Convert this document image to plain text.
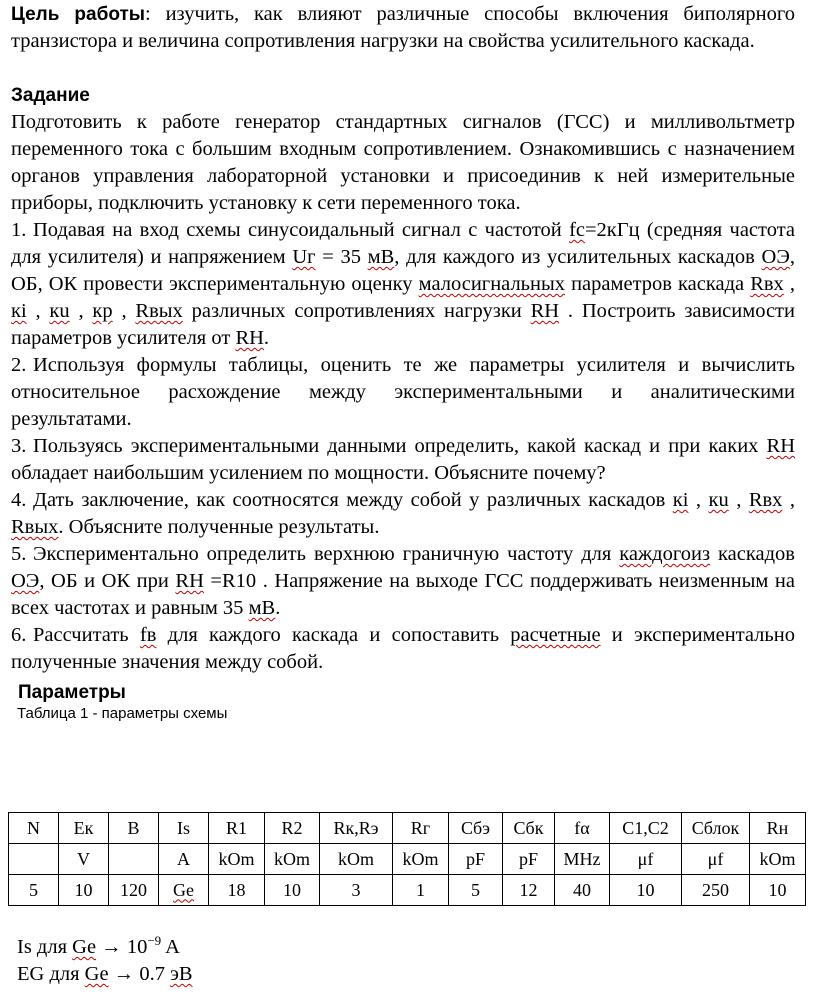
Цель работы: изучить, как влияют различные способы включения биполярного транзистора и величина сопротивления нагрузки на свойства усилительного каскада.

Задание

Подготовить к работе генератор стандартных сигналов (ГСС) и милливольтметр переменного тока с большим входным сопротивлением. Ознакомившись с назначением органов управления лабораторной установки и присоединив к ней измерительные приборы, подключить установку к сети переменного тока.

1. Подавая на вход схемы синусоидальный сигнал с частотой fc=2кГц (средняя частота для усилителя) и напряжением Uг = 35 мВ, для каждого из усилительных каскадов ОЭ, ОБ, ОК провести экспериментальную оценку малосигнальных параметров каскада Rвх , кi , кu , кр , Rвых различных сопротивлениях нагрузки RН . Построить зависимости параметров усилителя от RН.

2. Используя формулы таблицы, оценить те же параметры усилителя и вычислить относительное расхождение между экспериментальными и аналитическими результатами.

3. Пользуясь экспериментальными данными определить, какой каскад и при каких RН обладает наибольшим усилением по мощности. Объясните почему?

4. Дать заключение, как соотносятся между собой у различных каскадов кi , кu , Rвх , Rвых. Объясните полученные результаты.

5. Экспериментально определить верхнюю граничную частоту для каждогоиз каскадов ОЭ, ОБ и ОК при RН =R10 . Напряжение на выходе ГСС поддерживать неизменным на всех частотах и равным 35 мВ.

6. Рассчитать fв для каждого каскада и сопоставить расчетные и экспериментально полученные значения между собой.

Параметры

Таблица 1 - параметры схемы

N	Eк	B	Is	R1	R2	Rк,Rэ	Rг	Cбэ	Cбк	fα	C1,C2	Cблок	Rн
	V		A	kOm	kOm	kOm	kOm	pF	pF	MHz	μf	μf	kOm
5	10	120	Ge	18	10	3	1	5	12	40	10	250	10
Is для $Ge \to 10^{-9}$ A
EG для Ge → 0.7 эВ
